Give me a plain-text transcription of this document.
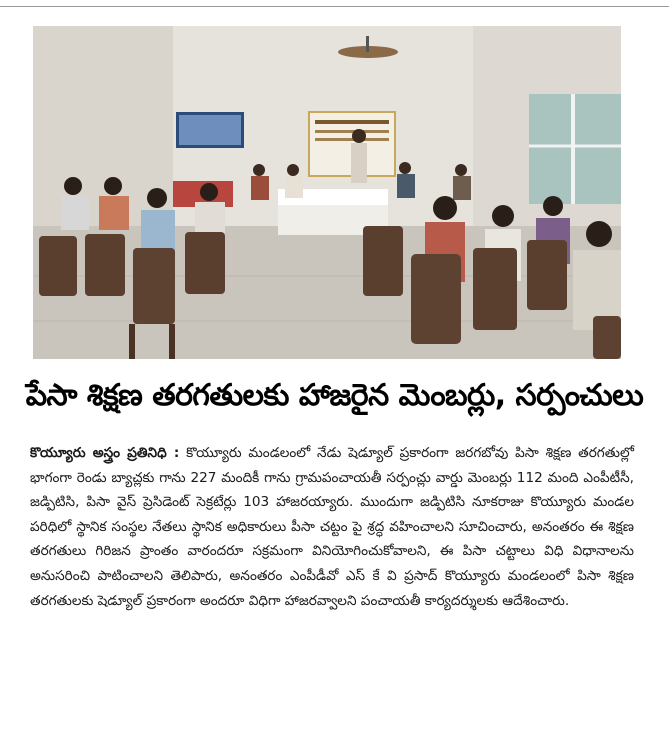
పేసా శిక్షణ తరగతులకు హాజరైన మెంబర్లు, సర్పంచులు
కొయ్యూరు అస్త్రం ప్రతినిధి : కొయ్యూరు మండలంలో నేడు షెడ్యూల్ ప్రకారంగా జరగబోవు పిసా శిక్షణ తరగతుల్లో భాగంగా రెండు బ్యాచ్లకు గాను 227 మందికీ గాను గ్రామపంచాయతీ సర్పంచ్లు వార్డు మెంబర్లు 112 మంది ఎంపీటీసీ, జడ్పిటిసి, పిసా వైస్ ప్రెసిడెంట్ సెక్రటేర్లు 103 హాజరయ్యారు. ముందుగా జడ్పిటిసి నూకరాజు కొయ్యూరు మండల పరిధిలో స్థానిక సంస్థల నేతలు స్థానిక అధికారులు పీసా చట్టం పై శ్రద్ధ వహించాలని సూచించారు, అనంతరం ఈ శిక్షణ తరగతులు గిరిజన ప్రాంతం వారందరూ సక్రమంగా వినియోగించుకోవాలని, ఈ పిసా చట్టాలు విధి విధానాలను అనుసరించి పాటించాలని తెలిపారు, అనంతరం ఎంపీడీవో ఎస్ కే వి ప్రసాద్ కొయ్యూరు మండలంలో పిసా శిక్షణ తరగతులకు షెడ్యూల్ ప్రకారంగా అందరూ విధిగా హాజరవ్వాలని పంచాయతీ కార్యదర్శులకు ఆదేశించారు.
